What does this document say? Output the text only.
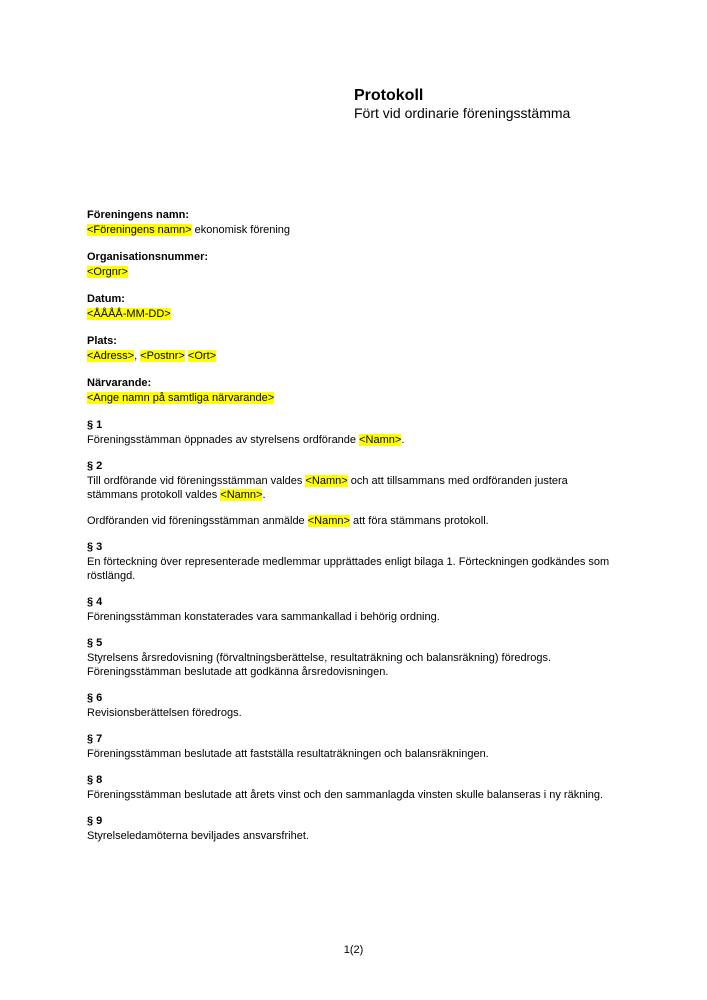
Protokoll
Fört vid ordinarie föreningsstämma
Föreningens namn:
<Föreningens namn> ekonomisk förening
Organisationsnummer:
<Orgnr>
Datum:
<ÅÅÅÅ-MM-DD>
Plats:
<Adress>, <Postnr> <Ort>
Närvarande:
<Ange namn på samtliga närvarande>
§ 1
Föreningsstämman öppnades av styrelsens ordförande <Namn>.
§ 2
Till ordförande vid föreningsstämman valdes <Namn> och att tillsammans med ordföranden justera stämmans protokoll valdes <Namn>.
Ordföranden vid föreningsstämman anmälde <Namn> att föra stämmans protokoll.
§ 3
En förteckning över representerade medlemmar upprättades enligt bilaga 1. Förteckningen godkändes som röstlängd.
§ 4
Föreningsstämman konstaterades vara sammankallad i behörig ordning.
§ 5
Styrelsens årsredovisning (förvaltningsberättelse, resultaträkning och balansräkning) föredrogs. Föreningsstämman beslutade att godkänna årsredovisningen.
§ 6
Revisionsberättelsen föredrogs.
§ 7
Föreningsstämman beslutade att fastställa resultaträkningen och balansräkningen.
§ 8
Föreningsstämman beslutade att årets vinst och den sammanlagda vinsten skulle balanseras i ny räkning.
§ 9
Styrelseledamöterna beviljades ansvarsfrihet.
1(2)
